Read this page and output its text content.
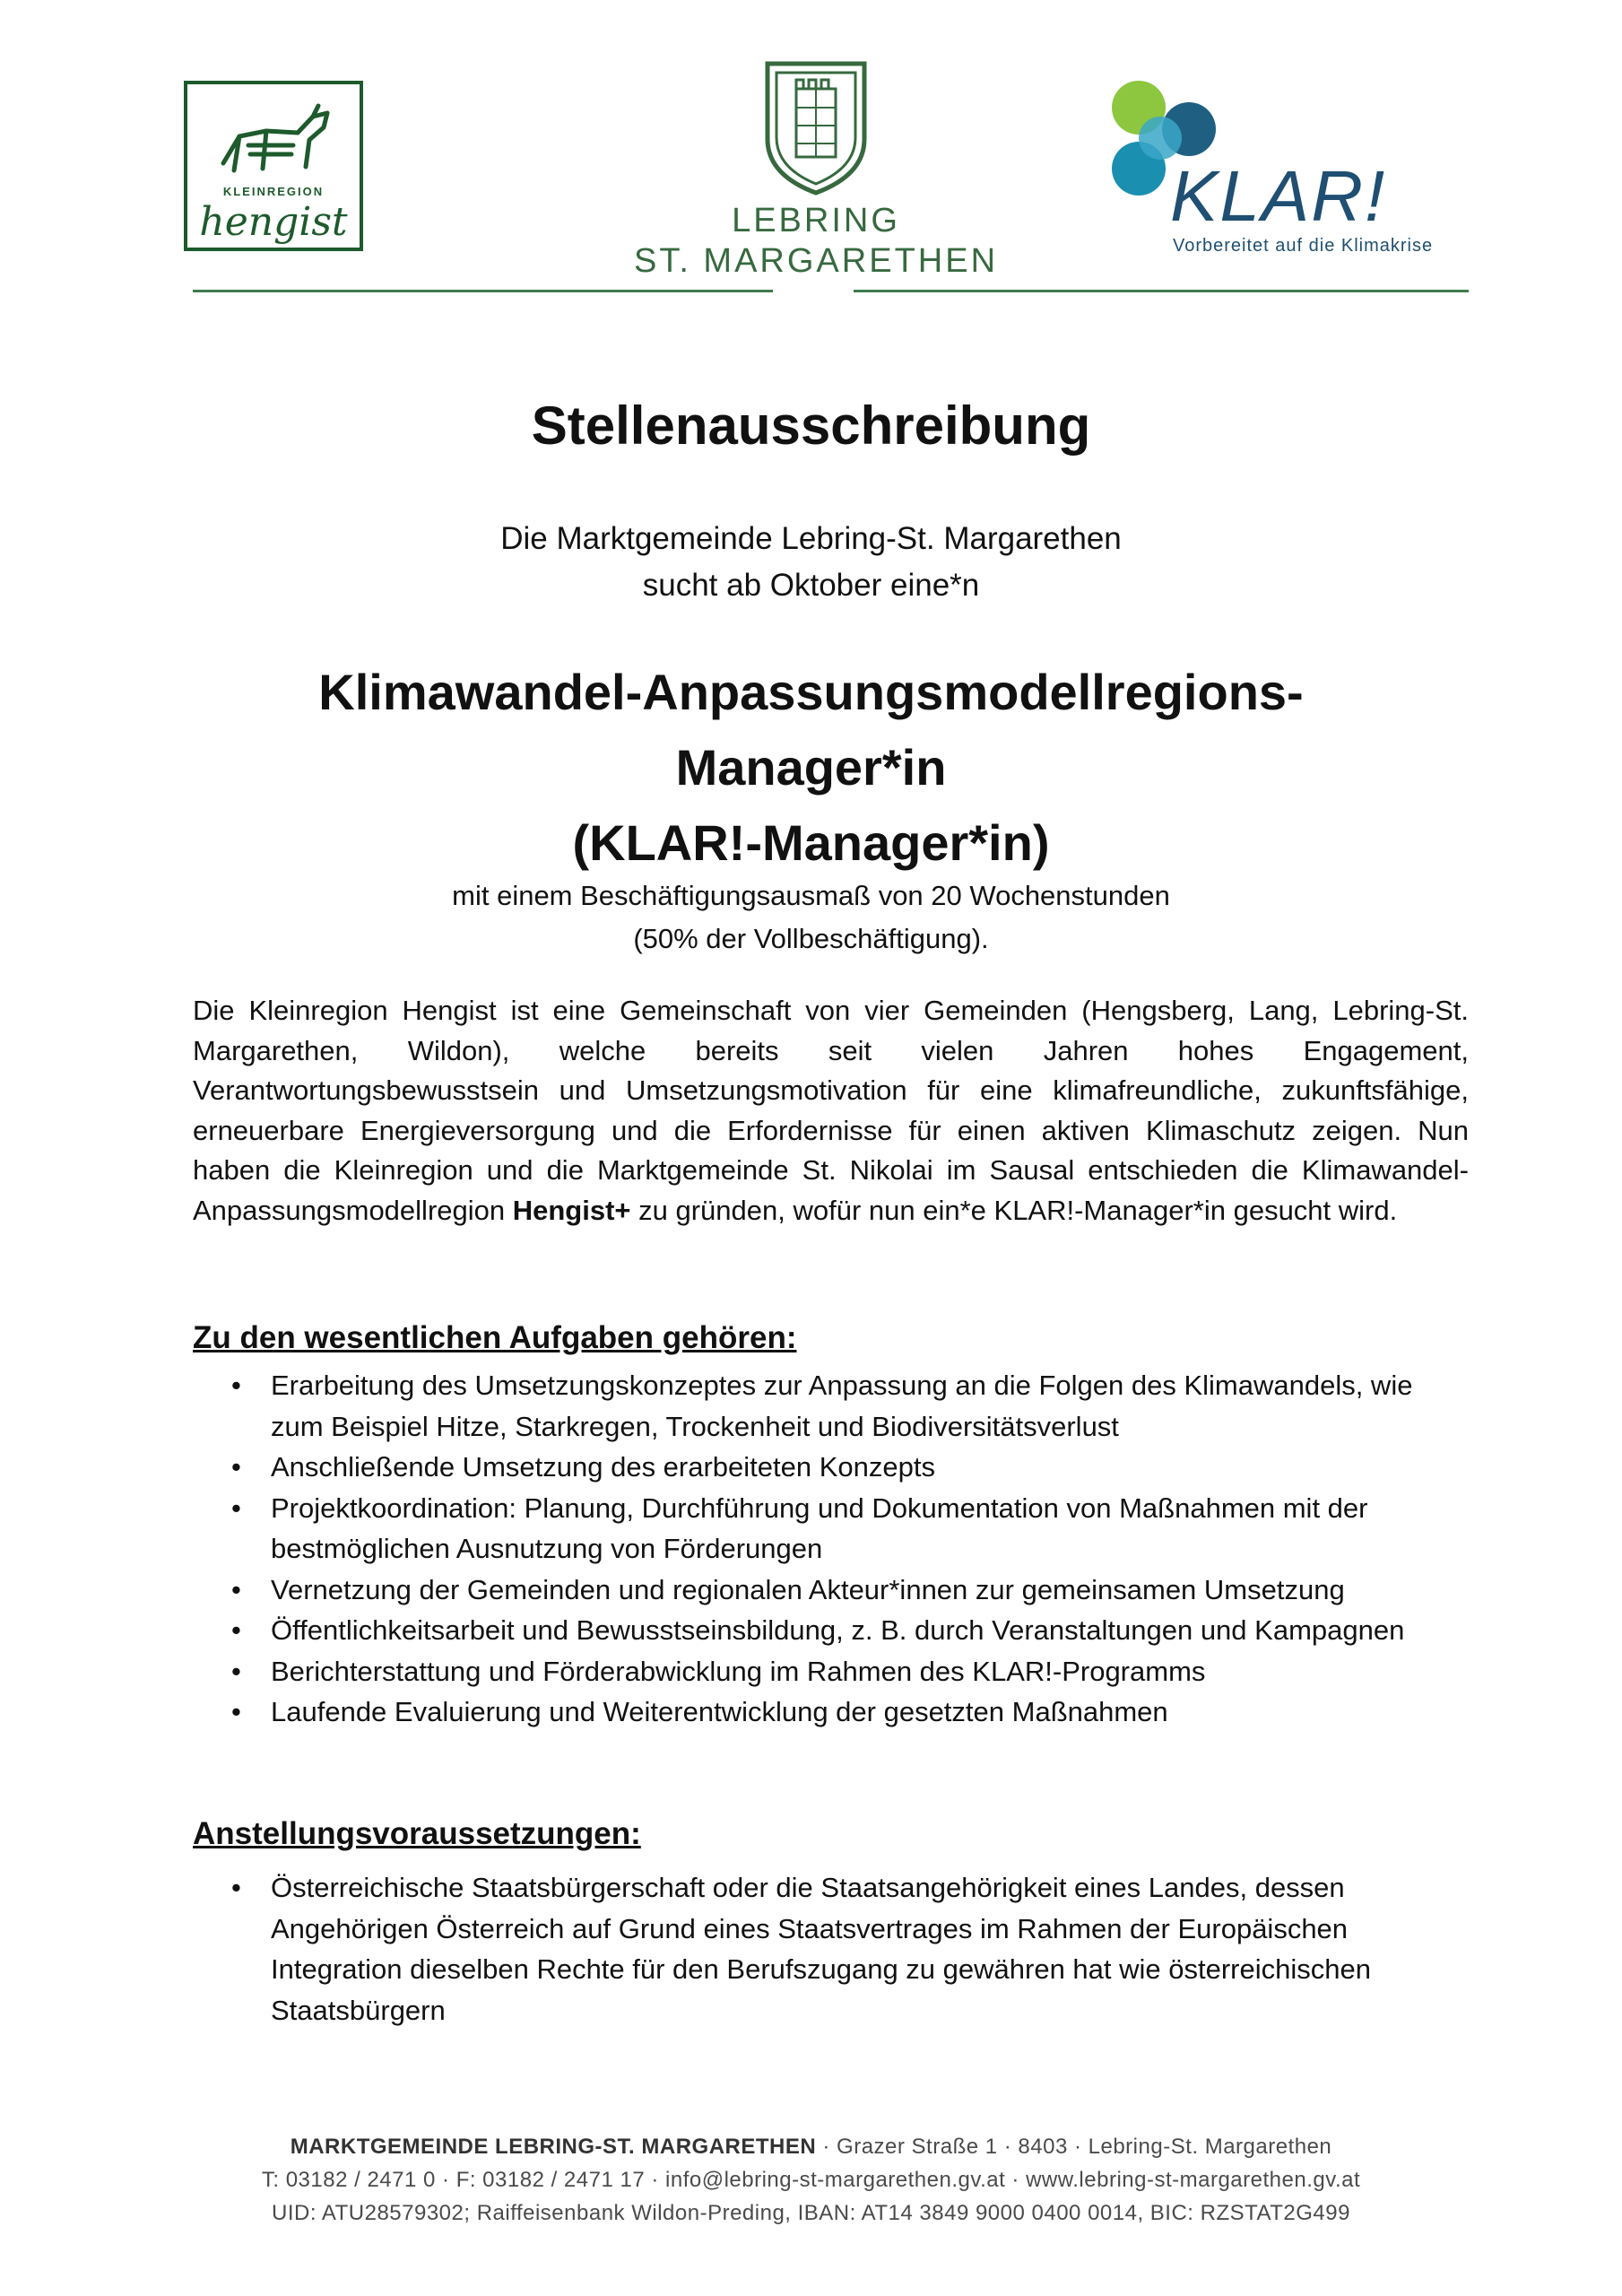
KLEINREGION
hengist	LEBRING
ST. MARGARETHEN
KLAR!
Vorbereitet auf die Klimakrise
Stellenausschreibung
Die Marktgemeinde Lebring-St. Margarethen
sucht ab Oktober eine*n
Klimawandel-Anpassungsmodellregions-
Manager*in
(KLAR!-Manager*in)
mit einem Beschäftigungsausmaß von 20 Wochenstunden
(50% der Vollbeschäftigung).
Die Kleinregion Hengist ist eine Gemeinschaft von vier Gemeinden (Hengsberg, Lang, Lebring-St. Margarethen, Wildon), welche bereits seit vielen Jahren hohes Engagement, Verantwortungsbewusstsein und Umsetzungsmotivation für eine klimafreundliche, zukunftsfähige, erneuerbare Energieversorgung und die Erfordernisse für einen aktiven Klimaschutz zeigen. Nun haben die Kleinregion und die Marktgemeinde St. Nikolai im Sausal entschieden die Klimawandel-Anpassungsmodellregion Hengist+ zu gründen, wofür nun ein*e KLAR!-Manager*in gesucht wird.
Zu den wesentlichen Aufgaben gehören:
• Erarbeitung des Umsetzungskonzeptes zur Anpassung an die Folgen des Klimawandels, wie zum Beispiel Hitze, Starkregen, Trockenheit und Biodiversitätsverlust
• Anschließende Umsetzung des erarbeiteten Konzepts
• Projektkoordination: Planung, Durchführung und Dokumentation von Maßnahmen mit der bestmöglichen Ausnutzung von Förderungen
• Vernetzung der Gemeinden und regionalen Akteur*innen zur gemeinsamen Umsetzung
• Öffentlichkeitsarbeit und Bewusstseinsbildung, z. B. durch Veranstaltungen und Kampagnen
• Berichterstattung und Förderabwicklung im Rahmen des KLAR!-Programms
• Laufende Evaluierung und Weiterentwicklung der gesetzten Maßnahmen
Anstellungsvoraussetzungen:
• Österreichische Staatsbürgerschaft oder die Staatsangehörigkeit eines Landes, dessen Angehörigen Österreich auf Grund eines Staatsvertrages im Rahmen der Europäischen Integration dieselben Rechte für den Berufszugang zu gewähren hat wie österreichischen Staatsbürgern
MARKTGEMEINDE LEBRING-ST. MARGARETHEN · Grazer Straße 1 · 8403 · Lebring-St. Margarethen
T: 03182 / 2471 0 · F: 03182 / 2471 17 · info@lebring-st-margarethen.gv.at · www.lebring-st-margarethen.gv.at
UID: ATU28579302; Raiffeisenbank Wildon-Preding, IBAN: AT14 3849 9000 0400 0014, BIC: RZSTAT2G499
